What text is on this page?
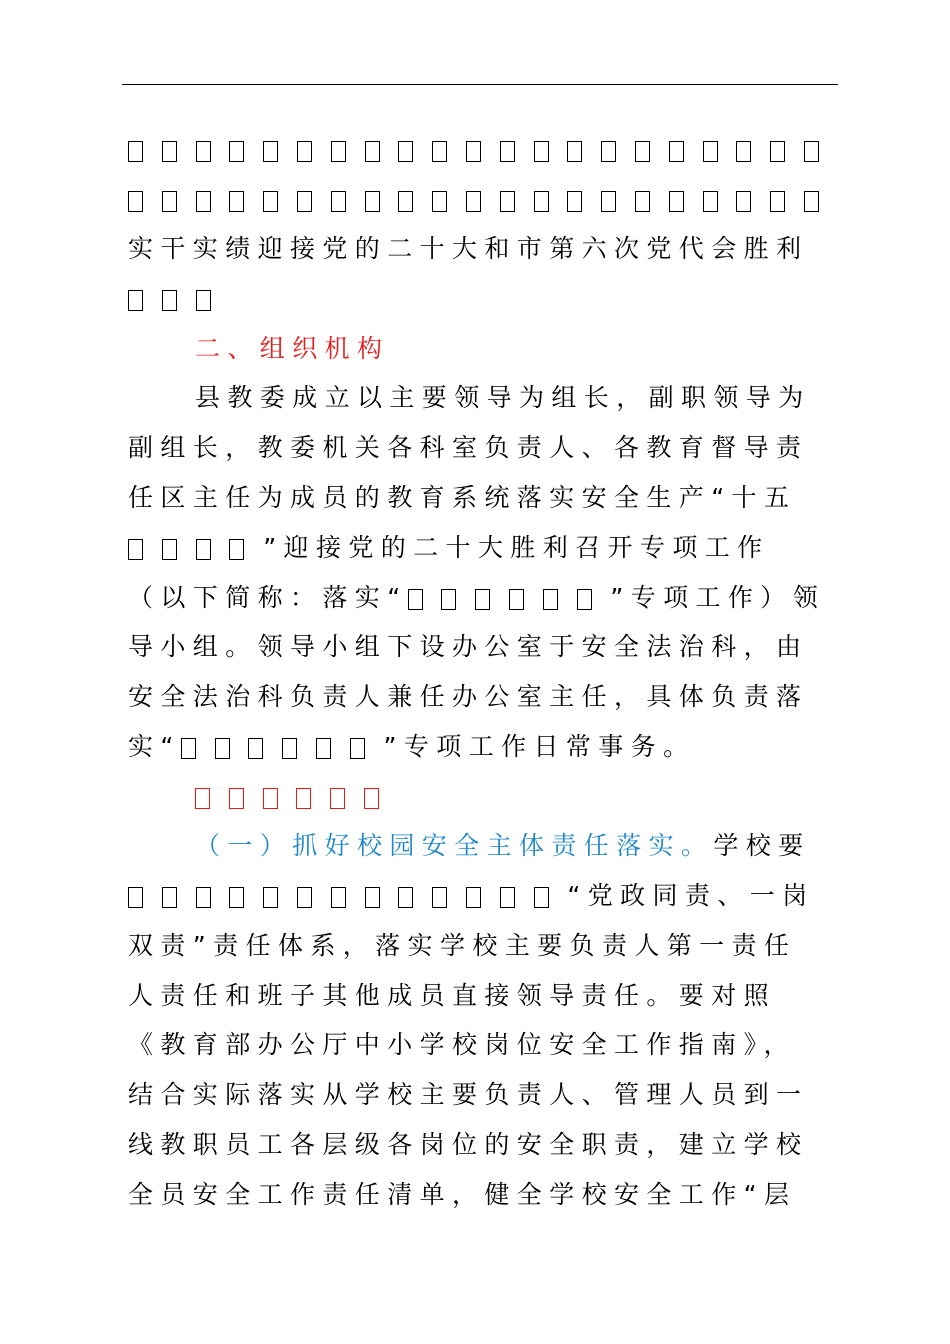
实干实绩迎接党的二十大和市第六次党代会胜利
二、组织机构
县教委成立以主要领导为组长，副职领导为
副组长，教委机关各科室负责人、各教育督导责
任区主任为成员的教育系统落实安全生产“十五
”迎接党的二十大胜利召开专项工作
（以下简称：落实“	”专项工作）领
导小组。领导小组下设办公室于安全法治科，由
安全法治科负责人兼任办公室主任，具体负责落
实“	”专项工作日常事务。
（一）抓好校园安全主体责任落实。学校要
“党政同责、一岗
双责”责任体系，落实学校主要负责人第一责任
人责任和班子其他成员直接领导责任。要对照
《教育部办公厅中小学校岗位安全工作指南》，
结合实际落实从学校主要负责人、管理人员到一
线教职员工各层级各岗位的安全职责，建立学校
全员安全工作责任清单，健全学校安全工作“层
